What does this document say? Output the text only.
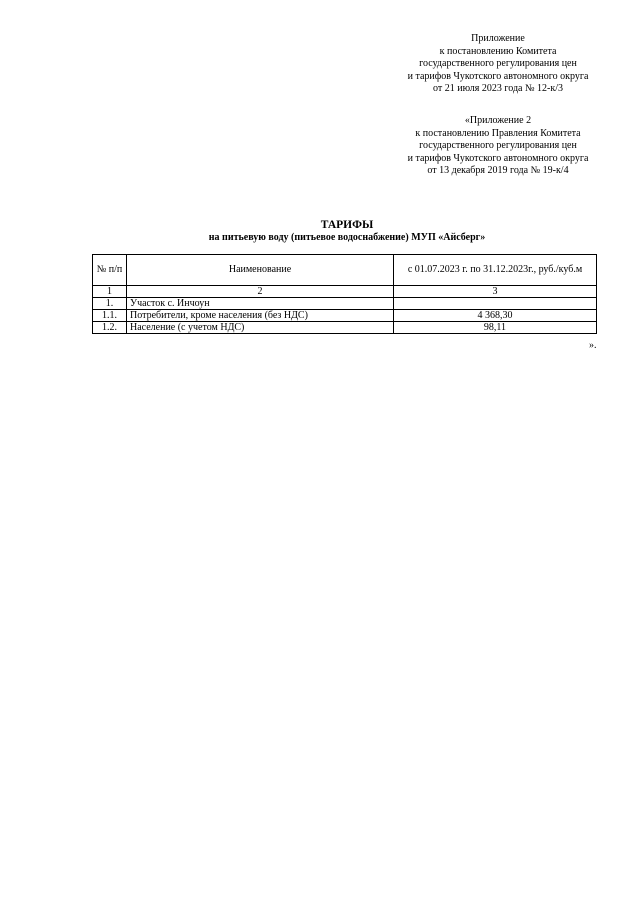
Приложение
к постановлению Комитета
государственного регулирования цен
и тарифов Чукотского автономного округа
от 21 июля 2023 года № 12-к/3
«Приложение 2
к постановлению Правления Комитета
государственного регулирования цен
и тарифов Чукотского автономного округа
от 13 декабря 2019 года № 19-к/4
ТАРИФЫ
на питьевую воду (питьевое водоснабжение) МУП «Айсберг»
№ п/п	Наименование	с 01.07.2023 г. по 31.12.2023г., руб./куб.м
1	2	3
1.	Участок с. Инчоун	
1.1.	Потребители, кроме населения (без НДС)	4 368,30
1.2.	Население (с учетом НДС)	98,11
».
